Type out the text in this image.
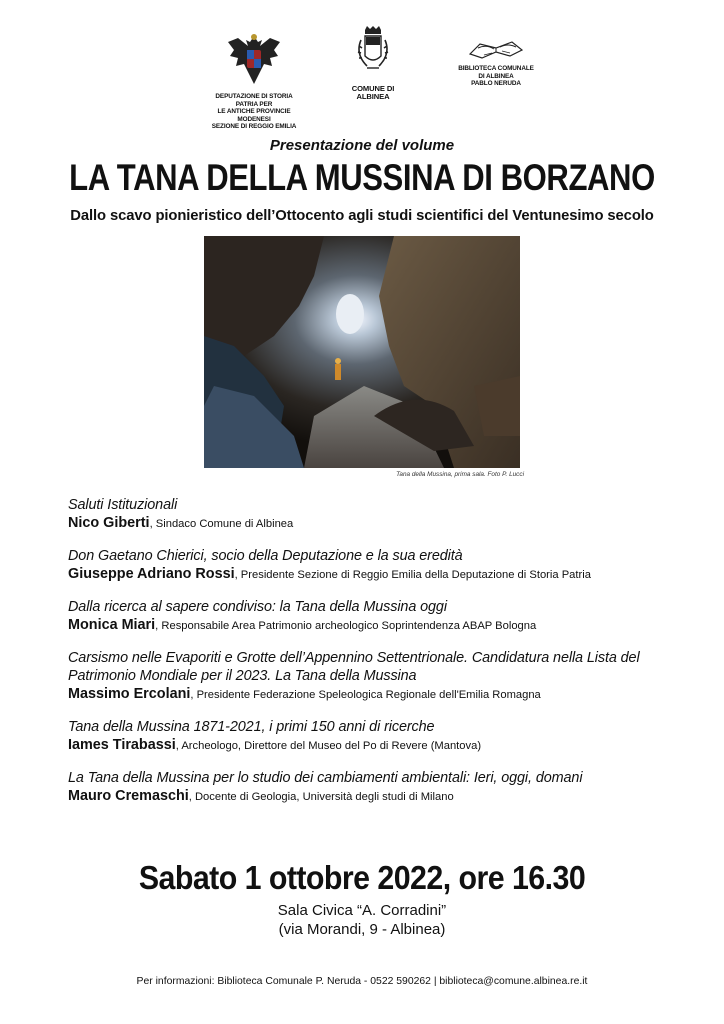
DEPUTAZIONE DI STORIA PATRIA PER
LE ANTICHE PROVINCIE MODENESI
SEZIONE DI REGGIO EMILIA
COMUNE DI ALBINEA
BIBLIOTECA COMUNALE
DI ALBINEA
PABLO NERUDA
Presentazione del volume
LA TANA DELLA MUSSINA DI BORZANO
Dallo scavo pionieristico dell’Ottocento agli studi scientifici del Ventunesimo secolo
Tana della Mussina, prima sala. Foto P. Lucci
Saluti Istituzionali
Nico Giberti, Sindaco Comune di Albinea
Don Gaetano Chierici, socio della Deputazione e la sua eredità
Giuseppe Adriano Rossi, Presidente Sezione di Reggio Emilia della Deputazione di Storia Patria
Dalla ricerca al sapere condiviso: la Tana della Mussina oggi
Monica Miari, Responsabile Area Patrimonio archeologico Soprintendenza ABAP Bologna
Carsismo nelle Evaporiti e Grotte dell’Appennino Settentrionale. Candidatura nella Lista del
Patrimonio Mondiale per il 2023. La Tana della Mussina
Massimo Ercolani, Presidente Federazione Speleologica Regionale dell'Emilia Romagna
Tana della Mussina 1871-2021, i primi 150 anni di ricerche
Iames Tirabassi, Archeologo, Direttore del Museo del Po di Revere (Mantova)
La Tana della Mussina per lo studio dei cambiamenti ambientali: Ieri, oggi, domani
Mauro Cremaschi, Docente di Geologia, Università degli studi di Milano
Sabato 1 ottobre 2022, ore 16.30
Sala Civica “A. Corradini”
(via Morandi, 9 - Albinea)
Per informazioni: Biblioteca Comunale P. Neruda - 0522 590262 | biblioteca@comune.albinea.re.it
